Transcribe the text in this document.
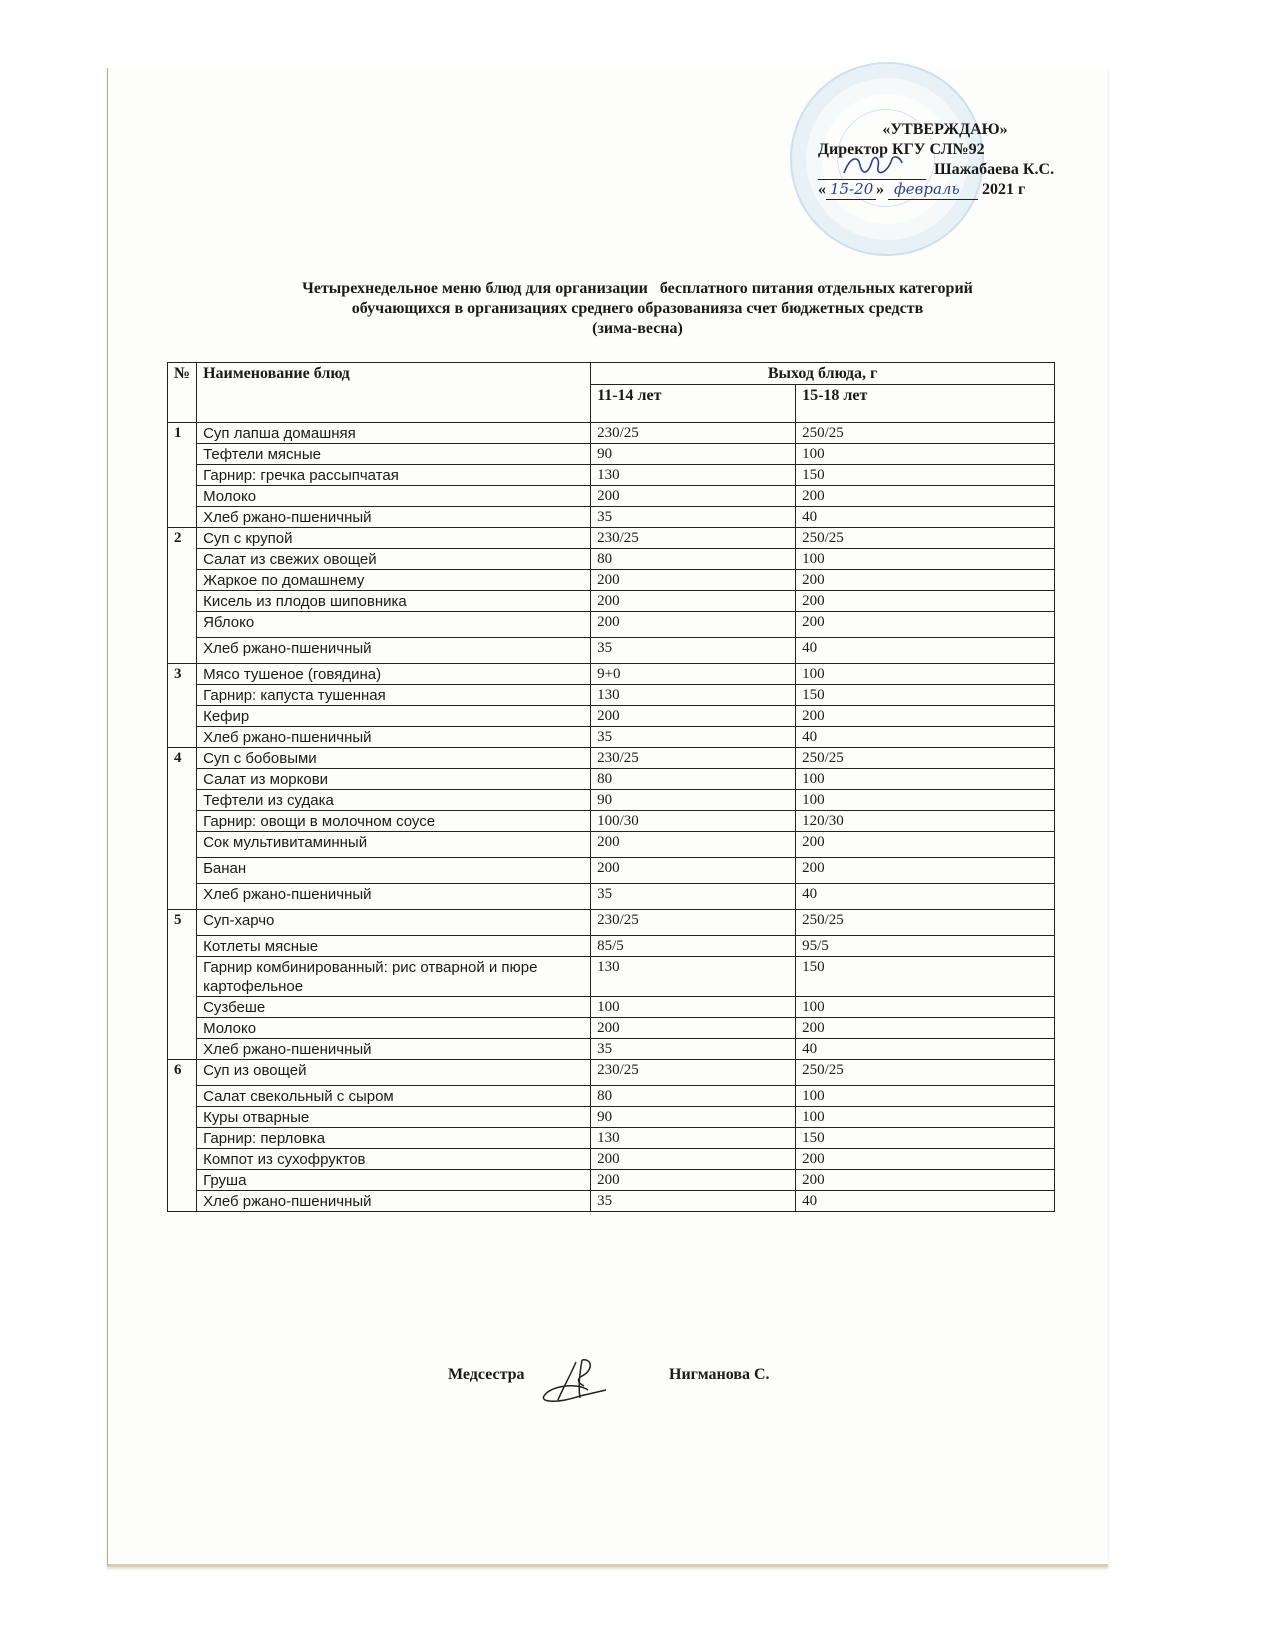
«УТВЕРЖДАЮ»
Директор КГУ СЛ№92
Шажабаева К.С.
« 15-20 » февраль 2021 г
Четырехнедельное меню блюд для организации   бесплатного питания отдельных категорий
обучающихся в организациях среднего образованияза счет бюджетных средств
(зима-весна)
№	Наименование блюд	Выход блюда, г	
		11-14 лет	15-18 лет
1	Суп лапша домашняя	230/25	250/25
	Тефтели мясные	90	100
	Гарнир: гречка рассыпчатая	130	150
	Молоко	200	200
	Хлеб ржано-пшеничный	35	40
2	Суп с крупой	230/25	250/25
	Салат из свежих овощей	80	100
	Жаркое по домашнему	200	200
	Кисель из плодов шиповника	200	200
	Яблоко	200	200
	Хлеб ржано-пшеничный	35	40
3	Мясо тушеное (говядина)	9+0	100
	Гарнир: капуста тушенная	130	150
	Кефир	200	200
	Хлеб ржано-пшеничный	35	40
4	Суп с бобовыми	230/25	250/25
	Салат из моркови	80	100
	Тефтели из судака	90	100
	Гарнир: овощи в молочном соусе	100/30	120/30
	Сок мультивитаминный	200	200
	Банан	200	200
	Хлеб ржано-пшеничный	35	40
5	Суп-харчо	230/25	250/25
	Котлеты мясные	85/5	95/5
	Гарнир комбинированный: рис отварной и пюре картофельное	130	150
	Сузбеше	100	100
	Молоко	200	200
	Хлеб ржано-пшеничный	35	40
6	Суп из овощей	230/25	250/25
	Салат свекольный с сыром	80	100
	Куры отварные	90	100
	Гарнир: перловка	130	150
	Компот из сухофруктов	200	200
	Груша	200	200
	Хлеб ржано-пшеничный	35	40
Медсестра	Нигманова С.
